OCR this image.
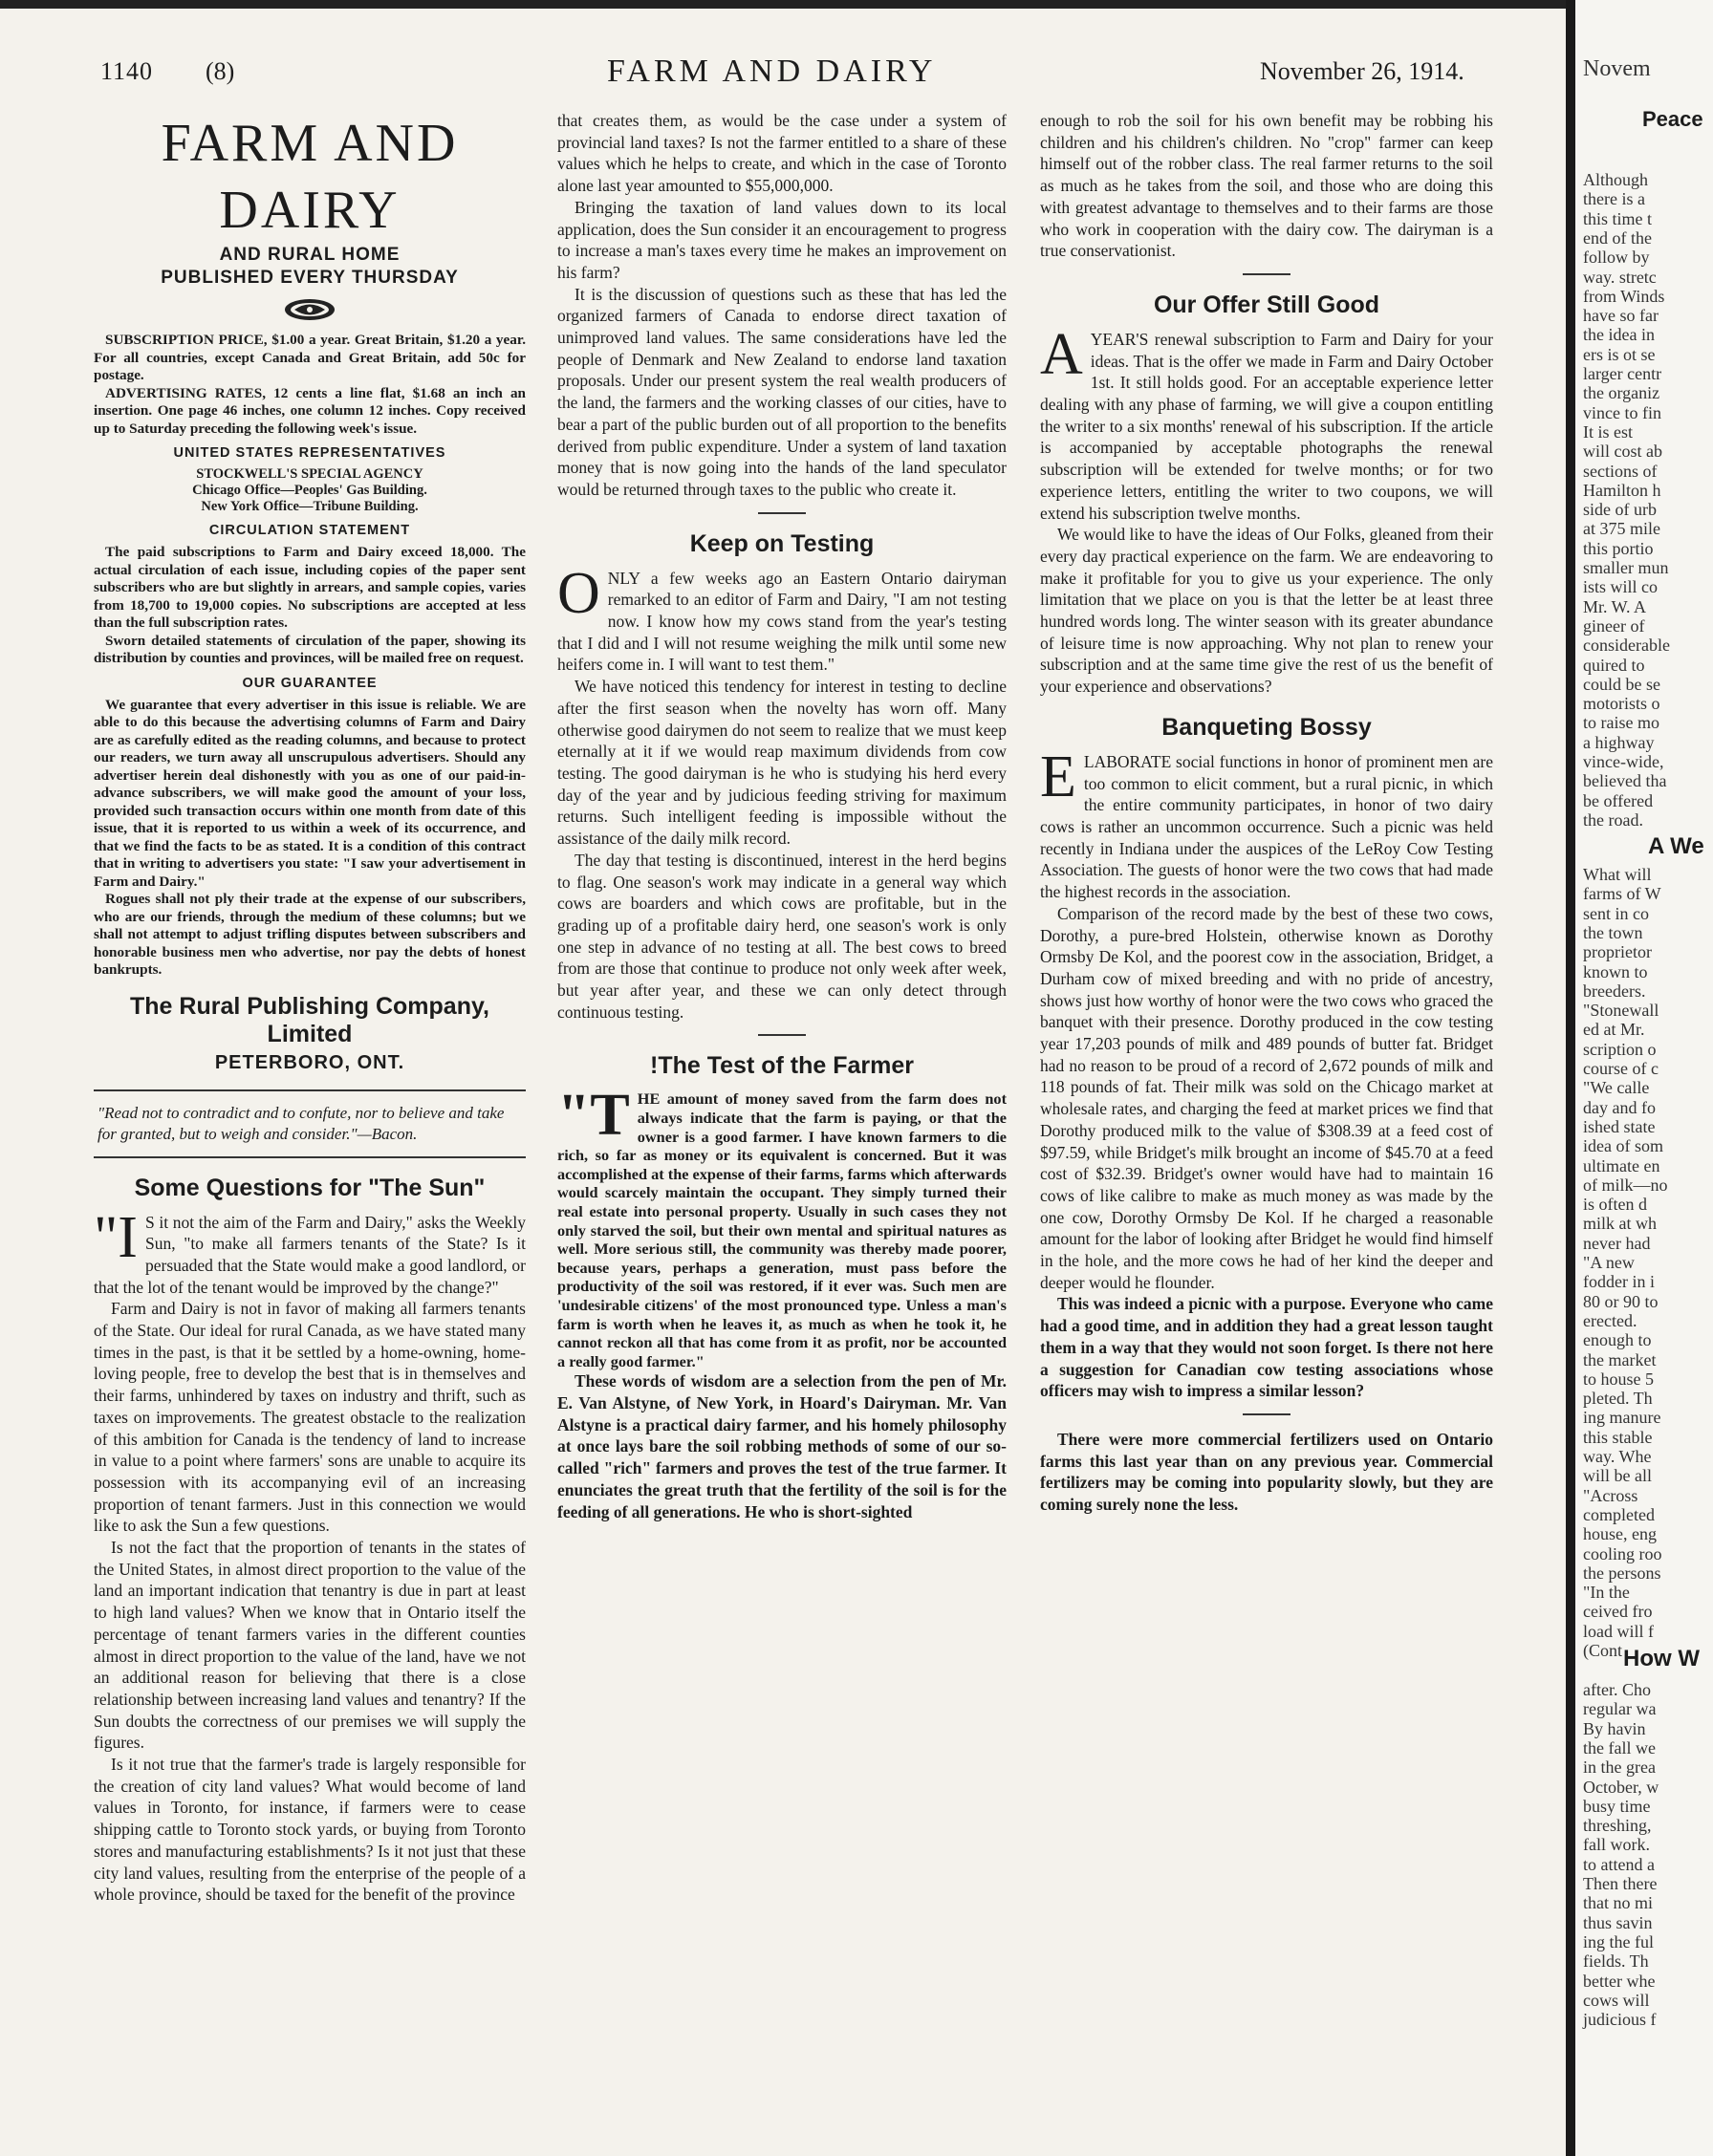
1140 (8)	FARM AND DAIRY	November 26, 1914.
FARM AND DAIRY
AND RURAL HOME
PUBLISHED EVERY THURSDAY

SUBSCRIPTION PRICE, $1.00 a year. Great Britain, $1.20 a year. For all countries, except Canada and Great Britain, add 50c for postage.

ADVERTISING RATES, 12 cents a line flat, $1.68 an inch an insertion. One page 46 inches, one column 12 inches. Copy received up to Saturday preceding the following week's issue.

UNITED STATES REPRESENTATIVES

STOCKWELL'S SPECIAL AGENCY

Chicago Office—Peoples' Gas Building.

New York Office—Tribune Building.

CIRCULATION STATEMENT

The paid subscriptions to Farm and Dairy exceed 18,000. The actual circulation of each issue, including copies of the paper sent subscribers who are but slightly in arrears, and sample copies, varies from 18,700 to 19,000 copies. No subscriptions are accepted at less than the full subscription rates.

Sworn detailed statements of circulation of the paper, showing its distribution by counties and provinces, will be mailed free on request.

OUR GUARANTEE

We guarantee that every advertiser in this issue is reliable. We are able to do this because the advertising columns of Farm and Dairy are as carefully edited as the reading columns, and because to protect our readers, we turn away all unscrupulous advertisers. Should any advertiser herein deal dishonestly with you as one of our paid-in-advance subscribers, we will make good the amount of your loss, provided such transaction occurs within one month from date of this issue, that it is reported to us within a week of its occurrence, and that we find the facts to be as stated. It is a condition of this contract that in writing to advertisers you state: "I saw your advertisement in Farm and Dairy."

Rogues shall not ply their trade at the expense of our subscribers, who are our friends, through the medium of these columns; but we shall not attempt to adjust trifling disputes between subscribers and honorable business men who advertise, nor pay the debts of honest bankrupts.

The Rural Publishing Company, Limited
PETERBORO, ONT.

"Read not to contradict and to confute, nor to believe and take for granted, but to weigh and consider."—Bacon.

Some Questions for "The Sun"

"I S it not the aim of the Farm and Dairy," asks the Weekly Sun, "to make all farmers tenants of the State? Is it persuaded that the State would make a good landlord, or that the lot of the tenant would be improved by the change?"

Farm and Dairy is not in favor of making all farmers tenants of the State. Our ideal for rural Canada, as we have stated many times in the past, is that it be settled by a home-owning, home-loving people, free to develop the best that is in themselves and their farms, unhindered by taxes on industry and thrift, such as taxes on improvements. The greatest obstacle to the realization of this ambition for Canada is the tendency of land to increase in value to a point where farmers' sons are unable to acquire its possession with its accompanying evil of an increasing proportion of tenant farmers. Just in this connection we would like to ask the Sun a few questions.

Is not the fact that the proportion of tenants in the states of the United States, in almost direct proportion to the value of the land an important indication that tenantry is due in part at least to high land values? When we know that in Ontario itself the percentage of tenant farmers varies in the different counties almost in direct proportion to the value of the land, have we not an additional reason for believing that there is a close relationship between increasing land values and tenantry? If the Sun doubts the correctness of our premises we will supply the figures.

Is it not true that the farmer's trade is largely responsible for the creation of city land values? What would become of land values in Toronto, for instance, if farmers were to cease shipping cattle to Toronto stock yards, or buying from Toronto stores and manufacturing establishments? Is it not just that these city land values, resulting from the enterprise of the people of a whole province, should be taxed for the benefit of the province

that creates them, as would be the case under a system of provincial land taxes? Is not the farmer entitled to a share of these values which he helps to create, and which in the case of Toronto alone last year amounted to $55,000,000.

Bringing the taxation of land values down to its local application, does the Sun consider it an encouragement to progress to increase a man's taxes every time he makes an improvement on his farm?

It is the discussion of questions such as these that has led the organized farmers of Canada to endorse direct taxation of unimproved land values. The same considerations have led the people of Denmark and New Zealand to endorse land taxation proposals. Under our present system the real wealth producers of the land, the farmers and the working classes of our cities, have to bear a part of the public burden out of all proportion to the benefits derived from public expenditure. Under a system of land taxation money that is now going into the hands of the land speculator would be returned through taxes to the public who create it.

Keep on Testing

ONLY a few weeks ago an Eastern Ontario dairyman remarked to an editor of Farm and Dairy, "I am not testing now. I know how my cows stand from the year's testing that I did and I will not resume weighing the milk until some new heifers come in. I will want to test them."

We have noticed this tendency for interest in testing to decline after the first season when the novelty has worn off. Many otherwise good dairymen do not seem to realize that we must keep eternally at it if we would reap maximum dividends from cow testing. The good dairyman is he who is studying his herd every day of the year and by judicious feeding striving for maximum returns. Such intelligent feeding is impossible without the assistance of the daily milk record.

The day that testing is discontinued, interest in the herd begins to flag. One season's work may indicate in a general way which cows are boarders and which cows are profitable, but in the grading up of a profitable dairy herd, one season's work is only one step in advance of no testing at all. The best cows to breed from are those that continue to produce not only week after week, but year after year, and these we can only detect through continuous testing.

!The Test of the Farmer

"THE amount of money saved from the farm does not always indicate that the farm is paying, or that the owner is a good farmer. I have known farmers to die rich, so far as money or its equivalent is concerned. But it was accomplished at the expense of their farms, farms which afterwards would scarcely maintain the occupant. They simply turned their real estate into personal property. Usually in such cases they not only starved the soil, but their own mental and spiritual natures as well. More serious still, the community was thereby made poorer, because years, perhaps a generation, must pass before the productivity of the soil was restored, if it ever was. Such men are 'undesirable citizens' of the most pronounced type. Unless a man's farm is worth when he leaves it, as much as when he took it, he cannot reckon all that has come from it as profit, nor be accounted a really good farmer."

These words of wisdom are a selection from the pen of Mr. E. Van Alstyne, of New York, in Hoard's Dairyman. Mr. Van Alstyne is a practical dairy farmer, and his homely philosophy at once lays bare the soil robbing methods of some of our so-called "rich" farmers and proves the test of the true farmer. It enunciates the great truth that the fertility of the soil is for the feeding of all generations. He who is short-sighted

enough to rob the soil for his own benefit may be robbing his children and his children's children. No "crop" farmer can keep himself out of the robber class. The real farmer returns to the soil as much as he takes from the soil, and those who are doing this with greatest advantage to themselves and to their farms are those who work in cooperation with the dairy cow. The dairyman is a true conservationist.

Our Offer Still Good

AYEAR'S renewal subscription to Farm and Dairy for your ideas. That is the offer we made in Farm and Dairy October 1st. It still holds good. For an acceptable experience letter dealing with any phase of farming, we will give a coupon entitling the writer to a six months' renewal of his subscription. If the article is accompanied by acceptable photographs the renewal subscription will be extended for twelve months; or for two experience letters, entitling the writer to two coupons, we will extend his subscription twelve months.

We would like to have the ideas of Our Folks, gleaned from their every day practical experience on the farm. We are endeavoring to make it profitable for you to give us your experience. The only limitation that we place on you is that the letter be at least three hundred words long. The winter season with its greater abundance of leisure time is now approaching. Why not plan to renew your subscription and at the same time give the rest of us the benefit of your experience and observations?

Banqueting Bossy

ELABORATE social functions in honor of prominent men are too common to elicit comment, but a rural picnic, in which the entire community participates, in honor of two dairy cows is rather an uncommon occurrence. Such a picnic was held recently in Indiana under the auspices of the LeRoy Cow Testing Association. The guests of honor were the two cows that had made the highest records in the association.

Comparison of the record made by the best of these two cows, Dorothy, a pure-bred Holstein, otherwise known as Dorothy Ormsby De Kol, and the poorest cow in the association, Bridget, a Durham cow of mixed breeding and with no pride of ancestry, shows just how worthy of honor were the two cows who graced the banquet with their presence. Dorothy produced in the cow testing year 17,203 pounds of milk and 489 pounds of butter fat. Bridget had no reason to be proud of a record of 2,672 pounds of milk and 118 pounds of fat. Their milk was sold on the Chicago market at wholesale rates, and charging the feed at market prices we find that Dorothy produced milk to the value of $308.39 at a feed cost of $97.59, while Bridget's milk brought an income of $45.70 at a feed cost of $32.39. Bridget's owner would have had to maintain 16 cows of like calibre to make as much money as was made by the one cow, Dorothy Ormsby De Kol. If he charged a reasonable amount for the labor of looking after Bridget he would find himself in the hole, and the more cows he had of her kind the deeper and deeper would he flounder.

This was indeed a picnic with a purpose. Everyone who came had a good time, and in addition they had a great lesson taught them in a way that they would not soon forget. Is there not here a suggestion for Canadian cow testing associations whose officers may wish to impress a similar lesson?

There were more commercial fertilizers used on Ontario farms this last year than on any previous year. Commercial fertilizers may be coming into popularity slowly, but they are coming surely none the less.

Novem
Peace
A We
How W
Although
there is a
this time t
end of the
follow by
way. stretc
from Winds
have so far
the idea in
ers is ot se
larger centr
the organiz
vince to fin
It is est
will cost ab
sections of
Hamilton h
side of urb
at 375 mile
this portio
smaller mun
ists will co
Mr. W. A
gineer of
considerable
quired to
could be se
motorists o
to raise mo
a highway
vince-wide,
believed tha
be offered
the road.
What will
farms of W
sent in co
the town
proprietor
known to
breeders.
"Stonewall
ed at Mr.
scription o
course of c
"We calle
day and fo
ished state
idea of som
ultimate en
of milk—no
is often d
milk at wh
never had
"A new
fodder in i
80 or 90 to
erected.
enough to
the market
to house 5
pleted. Th
ing manure
this stable
way. Whe
will be all
"Across
completed
house, eng
cooling roo
the persons
"In the
ceived fro
load will f
(Cont
after. Cho
regular wa
By havin
the fall we
in the grea
October, w
busy time
threshing,
fall work.
to attend a
Then there
that no mi
thus savin
ing the ful
fields. Th
better whe
cows will
judicious f
